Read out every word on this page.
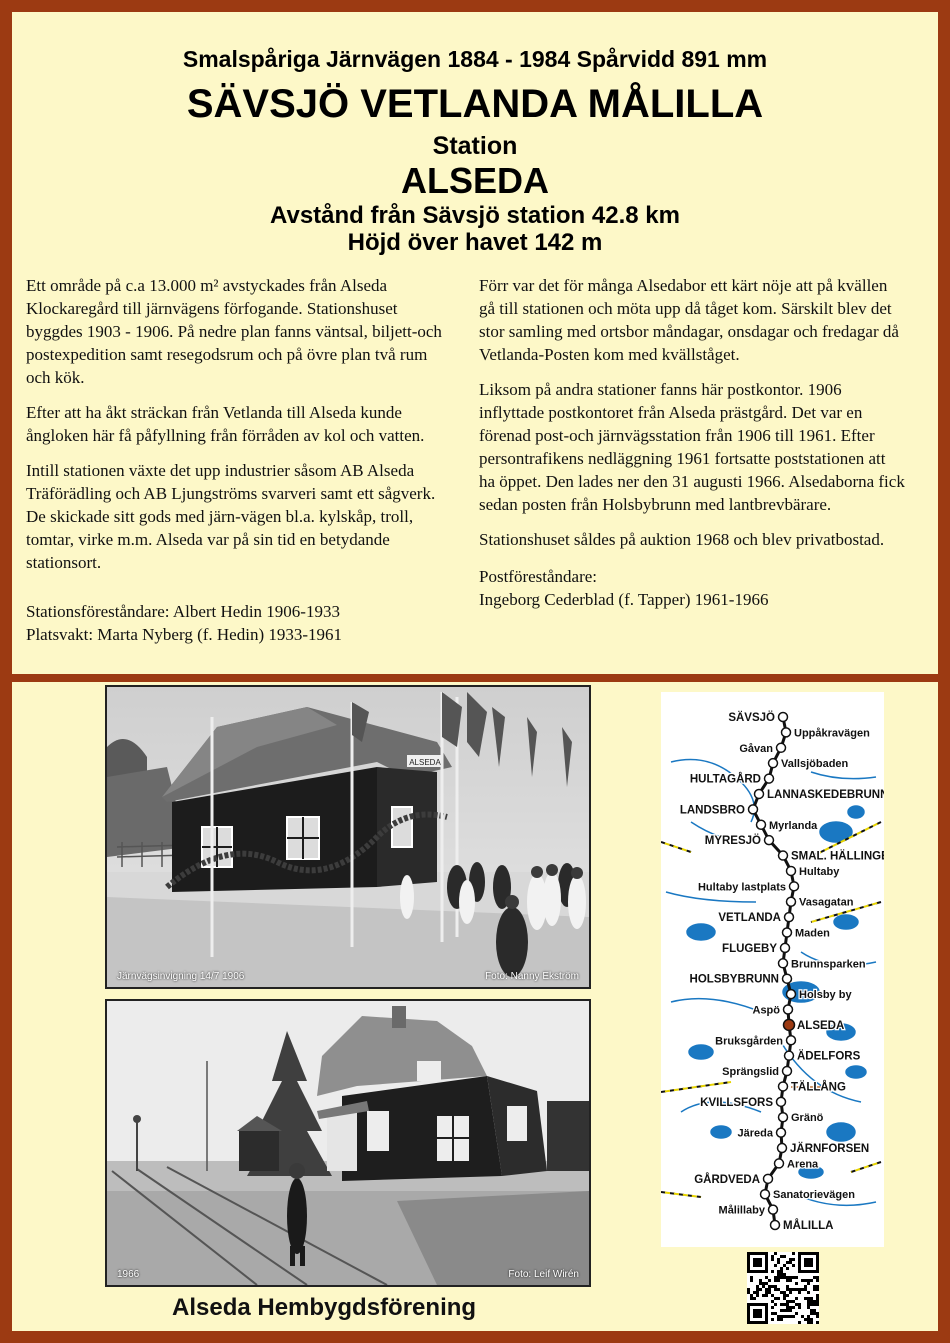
Smalspåriga Järnvägen 1884 - 1984 Spårvidd 891 mm
SÄVSJÖ VETLANDA MÅLILLA
Station
ALSEDA
Avstånd från Sävsjö station 42.8 km
Höjd över havet 142 m

Ett område på c.a 13.000 m² avstyckades från Alseda Klockaregård till järnvägens förfogande. Stationshuset byggdes 1903 - 1906. På nedre plan fanns väntsal, biljett-och postexpedition samt resegodsrum och på övre plan två rum och kök.

Efter att ha åkt sträckan från Vetlanda till Alseda kunde ångloken här få påfyllning från förråden av kol och vatten.

Intill stationen växte det upp industrier såsom AB Alseda Träförädling och AB Ljungströms svarveri samt ett sågverk. De skickade sitt gods med järn-vägen bl.a. kylskåp, troll, tomtar, virke m.m. Alseda var på sin tid en betydande stationsort.

Stationsföreståndare: Albert Hedin 1906-1933
Platsvakt: Marta Nyberg (f. Hedin) 1933-1961

Förr var det för många Alsedabor ett kärt nöje att på kvällen gå till stationen och möta upp då tåget kom. Särskilt blev det stor samling med ortsbor måndagar, onsdagar och fredagar då Vetlanda-Posten kom med kvällståget.

Liksom på andra stationer fanns här postkontor. 1906 inflyttade postkontoret från Alseda prästgård. Det var en förenad post-och järnvägsstation från 1906 till 1961. Efter persontrafikens nedläggning 1961 fortsatte poststationen att ha öppet. Den lades ner den 31 augusti 1966. Alsedaborna fick sedan posten från Holsbybrunn med lantbrevbärare.

Stationshuset såldes på auktion 1968 och blev privatbostad.

Postföreståndare:
Ingeborg Cederblad (f. Tapper) 1961-1966
ALSEDA
Järnvägsinvigning 14/7 1906	Foto: Nanny Ekström
1966	Foto: Leif Wirén
SÄVSJÖ
Uppåkravägen
Gåvan
Vallsjöbaden
HULTAGÅRD
LANNASKEDEBRUNN
LANDSBRO
Myrlanda
MYRESJÖ
SMAL. HÄLLINGE
Hultaby
Hultaby lastplats
Vasagatan
VETLANDA
Maden
FLUGEBY
Brunnsparken
HOLSBYBRUNN
Holsby by
Aspö
ALSEDA
Bruksgården
ÄDELFORS
Sprängslid
TÄLLÅNG
KVILLSFORS
Gränö
Järeda
JÄRNFORSEN
Arena
GÅRDVEDA
Sanatorievägen
Målillaby
MÅLILLA
Alseda Hembygdsförening
